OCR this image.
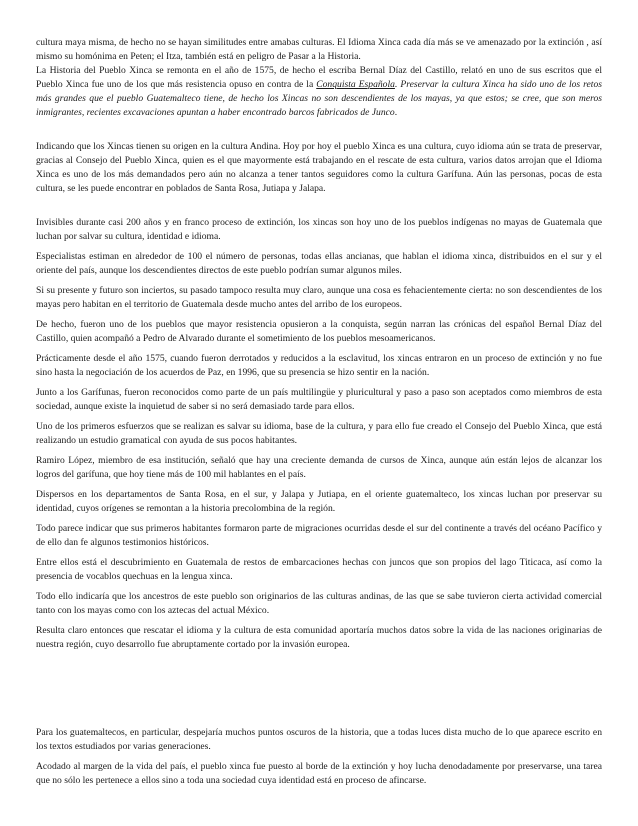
cultura maya misma, de hecho no se hayan similitudes entre amabas culturas. El Idioma Xinca cada día más se ve amenazado por la extinción , así mismo su homónima en Peten; el Itza, también está en peligro de Pasar a la Historia.
La Historia del Pueblo Xinca se remonta en el año de 1575, de hecho el escriba Bernal Díaz del Castillo, relató en uno de sus escritos que el Pueblo Xinca fue uno de los que más resistencia opuso en contra de la Conquista Española. Preservar la cultura Xinca ha sido uno de los retos más grandes que el pueblo Guatemalteco tiene, de hecho los Xincas no son descendientes de los mayas, ya que estos; se cree, que son meros inmigrantes, recientes excavaciones apuntan a haber encontrado barcos fabricados de Junco.

Indicando que los Xincas tienen su origen en la cultura Andina. Hoy por hoy el pueblo Xinca es una cultura, cuyo idioma aún se trata de preservar, gracias al Consejo del Pueblo Xinca, quien es el que mayormente está trabajando en el rescate de esta cultura, varios datos arrojan que el Idioma Xinca es uno de los más demandados pero aún no alcanza a tener tantos seguidores como la cultura Garífuna. Aún las personas, pocas de esta cultura, se les puede encontrar en poblados de Santa Rosa, Jutiapa y Jalapa.

Invisibles durante casi 200 años y en franco proceso de extinción, los xincas son hoy uno de los pueblos indígenas no mayas de Guatemala que luchan por salvar su cultura, identidad e idioma.

Especialistas estiman en alrededor de 100 el número de personas, todas ellas ancianas, que hablan el idioma xinca, distribuidos en el sur y el oriente del país, aunque los descendientes directos de este pueblo podrían sumar algunos miles.

Si su presente y futuro son inciertos, su pasado tampoco resulta muy claro, aunque una cosa es fehacientemente cierta: no son descendientes de los mayas pero habitan en el territorio de Guatemala desde mucho antes del arribo de los europeos.

De hecho, fueron uno de los pueblos que mayor resistencia opusieron a la conquista, según narran las crónicas del español Bernal Díaz del Castillo, quien acompañó a Pedro de Alvarado durante el sometimiento de los pueblos mesoamericanos.

Prácticamente desde el año 1575, cuando fueron derrotados y reducidos a la esclavitud, los xincas entraron en un proceso de extinción y no fue sino hasta la negociación de los acuerdos de Paz, en 1996, que su presencia se hizo sentir en la nación.

Junto a los Garífunas, fueron reconocidos como parte de un país multilingüe y pluricultural y paso a paso son aceptados como miembros de esta sociedad, aunque existe la inquietud de saber si no será demasiado tarde para ellos.

Uno de los primeros esfuerzos que se realizan es salvar su idioma, base de la cultura, y para ello fue creado el Consejo del Pueblo Xinca, que está realizando un estudio gramatical con ayuda de sus pocos habitantes.

Ramiro López, miembro de esa institución, señaló que hay una creciente demanda de cursos de Xinca, aunque aún están lejos de alcanzar los logros del garífuna, que hoy tiene más de 100 mil hablantes en el país.

Dispersos en los departamentos de Santa Rosa, en el sur, y Jalapa y Jutiapa, en el oriente guatemalteco, los xincas luchan por preservar su identidad, cuyos orígenes se remontan a la historia precolombina de la región.

Todo parece indicar que sus primeros habitantes formaron parte de migraciones ocurridas desde el sur del continente a través del océano Pacífico y de ello dan fe algunos testimonios históricos.

Entre ellos está el descubrimiento en Guatemala de restos de embarcaciones hechas con juncos que son propios del lago Titicaca, así como la presencia de vocablos quechuas en la lengua xinca.

Todo ello indicaría que los ancestros de este pueblo son originarios de las culturas andinas, de las que se sabe tuvieron cierta actividad comercial tanto con los mayas como con los aztecas del actual México.

Resulta claro entonces que rescatar el idioma y la cultura de esta comunidad aportaría muchos datos sobre la vida de las naciones originarias de nuestra región, cuyo desarrollo fue abruptamente cortado por la invasión europea.

Para los guatemaltecos, en particular, despejaría muchos puntos oscuros de la historia, que a todas luces dista mucho de lo que aparece escrito en los textos estudiados por varias generaciones.

Acodado al margen de la vida del país, el pueblo xinca fue puesto al borde de la extinción y hoy lucha denodadamente por preservarse, una tarea que no sólo les pertenece a ellos sino a toda una sociedad cuya identidad está en proceso de afincarse.
